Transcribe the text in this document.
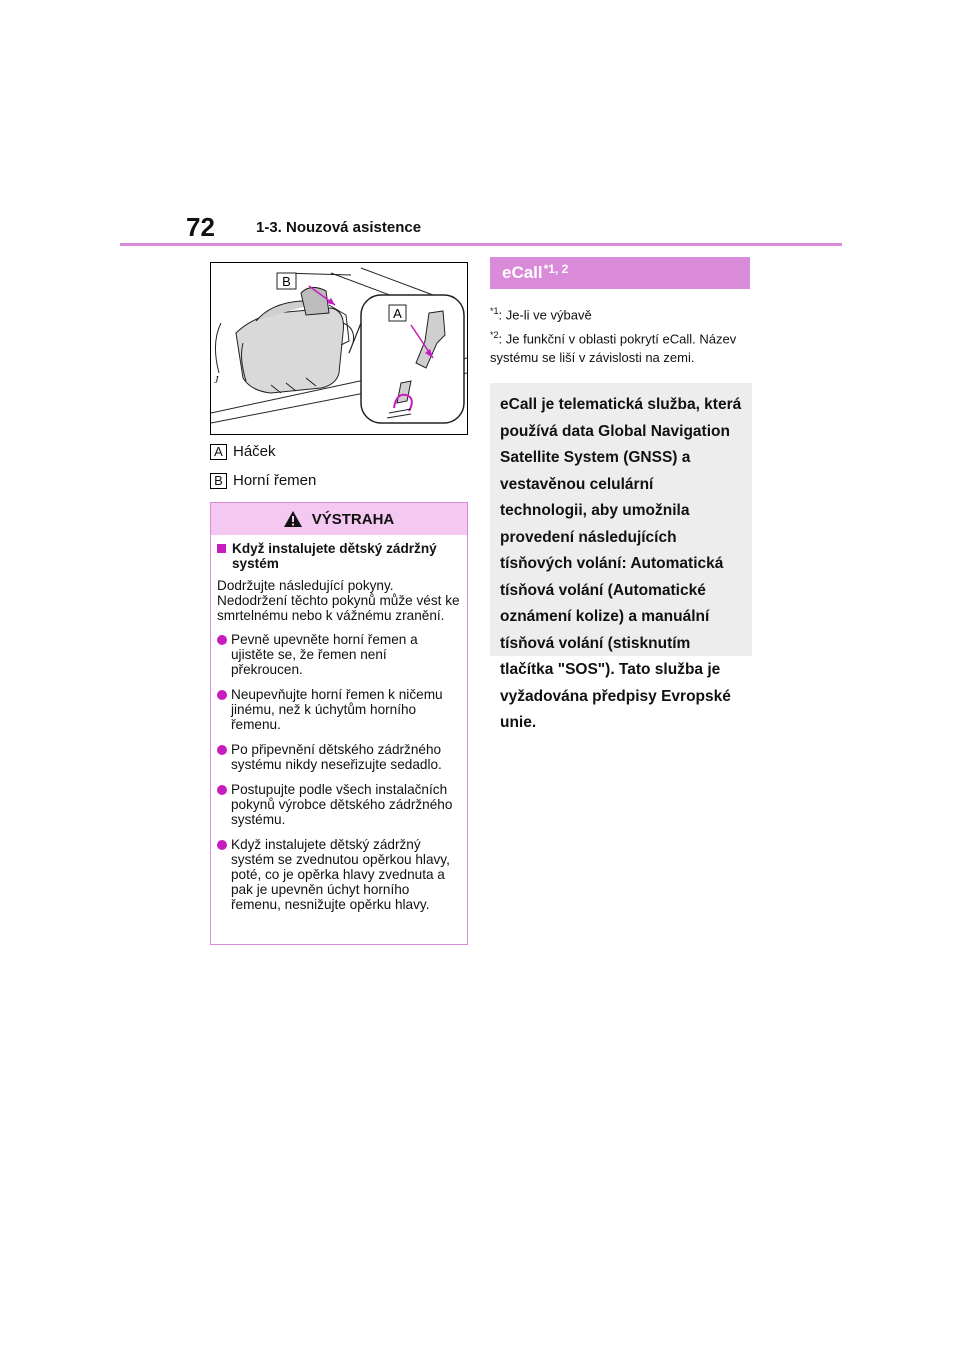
72	1-3. Nouzová asistence
B
A
J
A Háček
B Horní řemen
VÝSTRAHA
Když instalujete dětský zádržný systém
Dodržujte následující pokyny. Nedodržení těchto pokynů může vést ke smrtelnému nebo k vážnému zranění.
Pevně upevněte horní řemen a ujistěte se, že řemen není překroucen.
Neupevňujte horní řemen k ničemu jinému, než k úchytům horního řemenu.
Po připevnění dětského zádržného systému nikdy neseřizujte sedadlo.
Postupujte podle všech instalačních pokynů výrobce dětského zádržného systému.
Když instalujete dětský zádržný systém se zvednutou opěrkou hlavy, poté, co je opěrka hlavy zvednuta a pak je upevněn úchyt horního řemenu, nesnižujte opěrku hlavy.
eCall$^{*1, 2}$
$^{*1}$: Je-li ve výbavě
$^{*2}$: Je funkční v oblasti pokrytí eCall. Název systému se liší v závislosti na zemi.
eCall je telematická služba, která používá data Global Navigation Satellite System (GNSS) a vestavěnou celulární technologii, aby umožnila provedení následujících tísňových volání: Automatická tísňová volání (Automatické oznámení kolize) a manuální tísňová volání (stisknutím tlačítka "SOS"). Tato služba je vyžadována předpisy Evropské unie.
